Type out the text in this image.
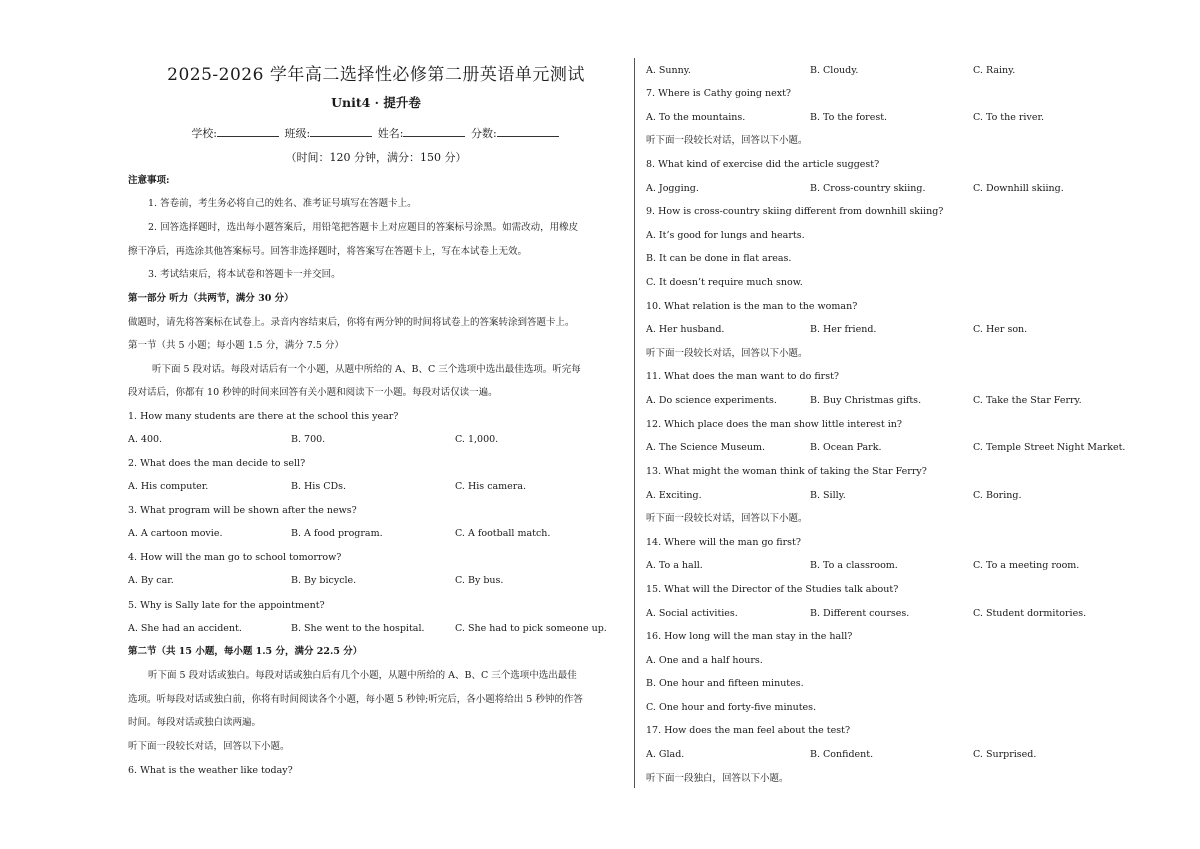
2025-2026 学年高二选择性必修第二册英语单元测试
Unit4 · 提升卷
学校:	班级:	姓名:	分数:
（时间：120 分钟，满分：150 分）
注意事项:
1. 答卷前，考生务必将自己的姓名、准考证号填写在答题卡上。
2. 回答选择题时，选出每小题答案后，用铅笔把答题卡上对应题目的答案标号涂黑。如需改动，用橡皮
擦干净后，再选涂其他答案标号。回答非选择题时，将答案写在答题卡上，写在本试卷上无效。
3. 考试结束后，将本试卷和答题卡一并交回。
第一部分 听力（共两节，满分 30 分）
做题时，请先将答案标在试卷上。录音内容结束后，你将有两分钟的时间将试卷上的答案转涂到答题卡上。
第一节（共 5 小题；每小题 1.5 分，满分 7.5 分）
听下面 5 段对话。每段对话后有一个小题，从题中所给的 A、B、C 三个选项中选出最佳选项。听完每
段对话后，你都有 10 秒钟的时间来回答有关小题和阅读下一小题。每段对话仅读一遍。
1. How many students are there at the school this year?
A. 400.	B. 700.	C. 1,000.
2. What does the man decide to sell?
A. His computer.	B. His CDs.	C. His camera.
3. What program will be shown after the news?
A. A cartoon movie.	B. A food program.	C. A football match.
4. How will the man go to school tomorrow?
A. By car.	B. By bicycle.	C. By bus.
5. Why is Sally late for the appointment?
A. She had an accident.	B. She went to the hospital.	C. She had to pick someone up.
第二节（共 15 小题，每小题 1.5 分，满分 22.5 分）
听下面 5 段对话或独白。每段对话或独白后有几个小题，从题中所给的 A、B、C 三个选项中选出最佳
选项。听每段对话或独白前，你将有时间阅读各个小题，每小题 5 秒钟;听完后，各小题将给出 5 秒钟的作答
时间。每段对话或独白读两遍。
听下面一段较长对话，回答以下小题。
6. What is the weather like today?
A. Sunny.	B. Cloudy.	C. Rainy.
7. Where is Cathy going next?
A. To the mountains.	B. To the forest.	C. To the river.
听下面一段较长对话，回答以下小题。
8. What kind of exercise did the article suggest?
A. Jogging.	B. Cross-country skiing.	C. Downhill skiing.
9. How is cross-country skiing different from downhill skiing?
A. It’s good for lungs and hearts.
B. It can be done in flat areas.
C. It doesn’t require much snow.
10. What relation is the man to the woman?
A. Her husband.	B. Her friend.	C. Her son.
听下面一段较长对话，回答以下小题。
11. What does the man want to do first?
A. Do science experiments.	B. Buy Christmas gifts.	C. Take the Star Ferry.
12. Which place does the man show little interest in?
A. The Science Museum.	B. Ocean Park.	C. Temple Street Night Market.
13. What might the woman think of taking the Star Ferry?
A. Exciting.	B. Silly.	C. Boring.
听下面一段较长对话，回答以下小题。
14. Where will the man go first?
A. To a hall.	B. To a classroom.	C. To a meeting room.
15. What will the Director of the Studies talk about?
A. Social activities.	B. Different courses.	C. Student dormitories.
16. How long will the man stay in the hall?
A. One and a half hours.
B. One hour and fifteen minutes.
C. One hour and forty-five minutes.
17. How does the man feel about the test?
A. Glad.	B. Confident.	C. Surprised.
听下面一段独白，回答以下小题。
